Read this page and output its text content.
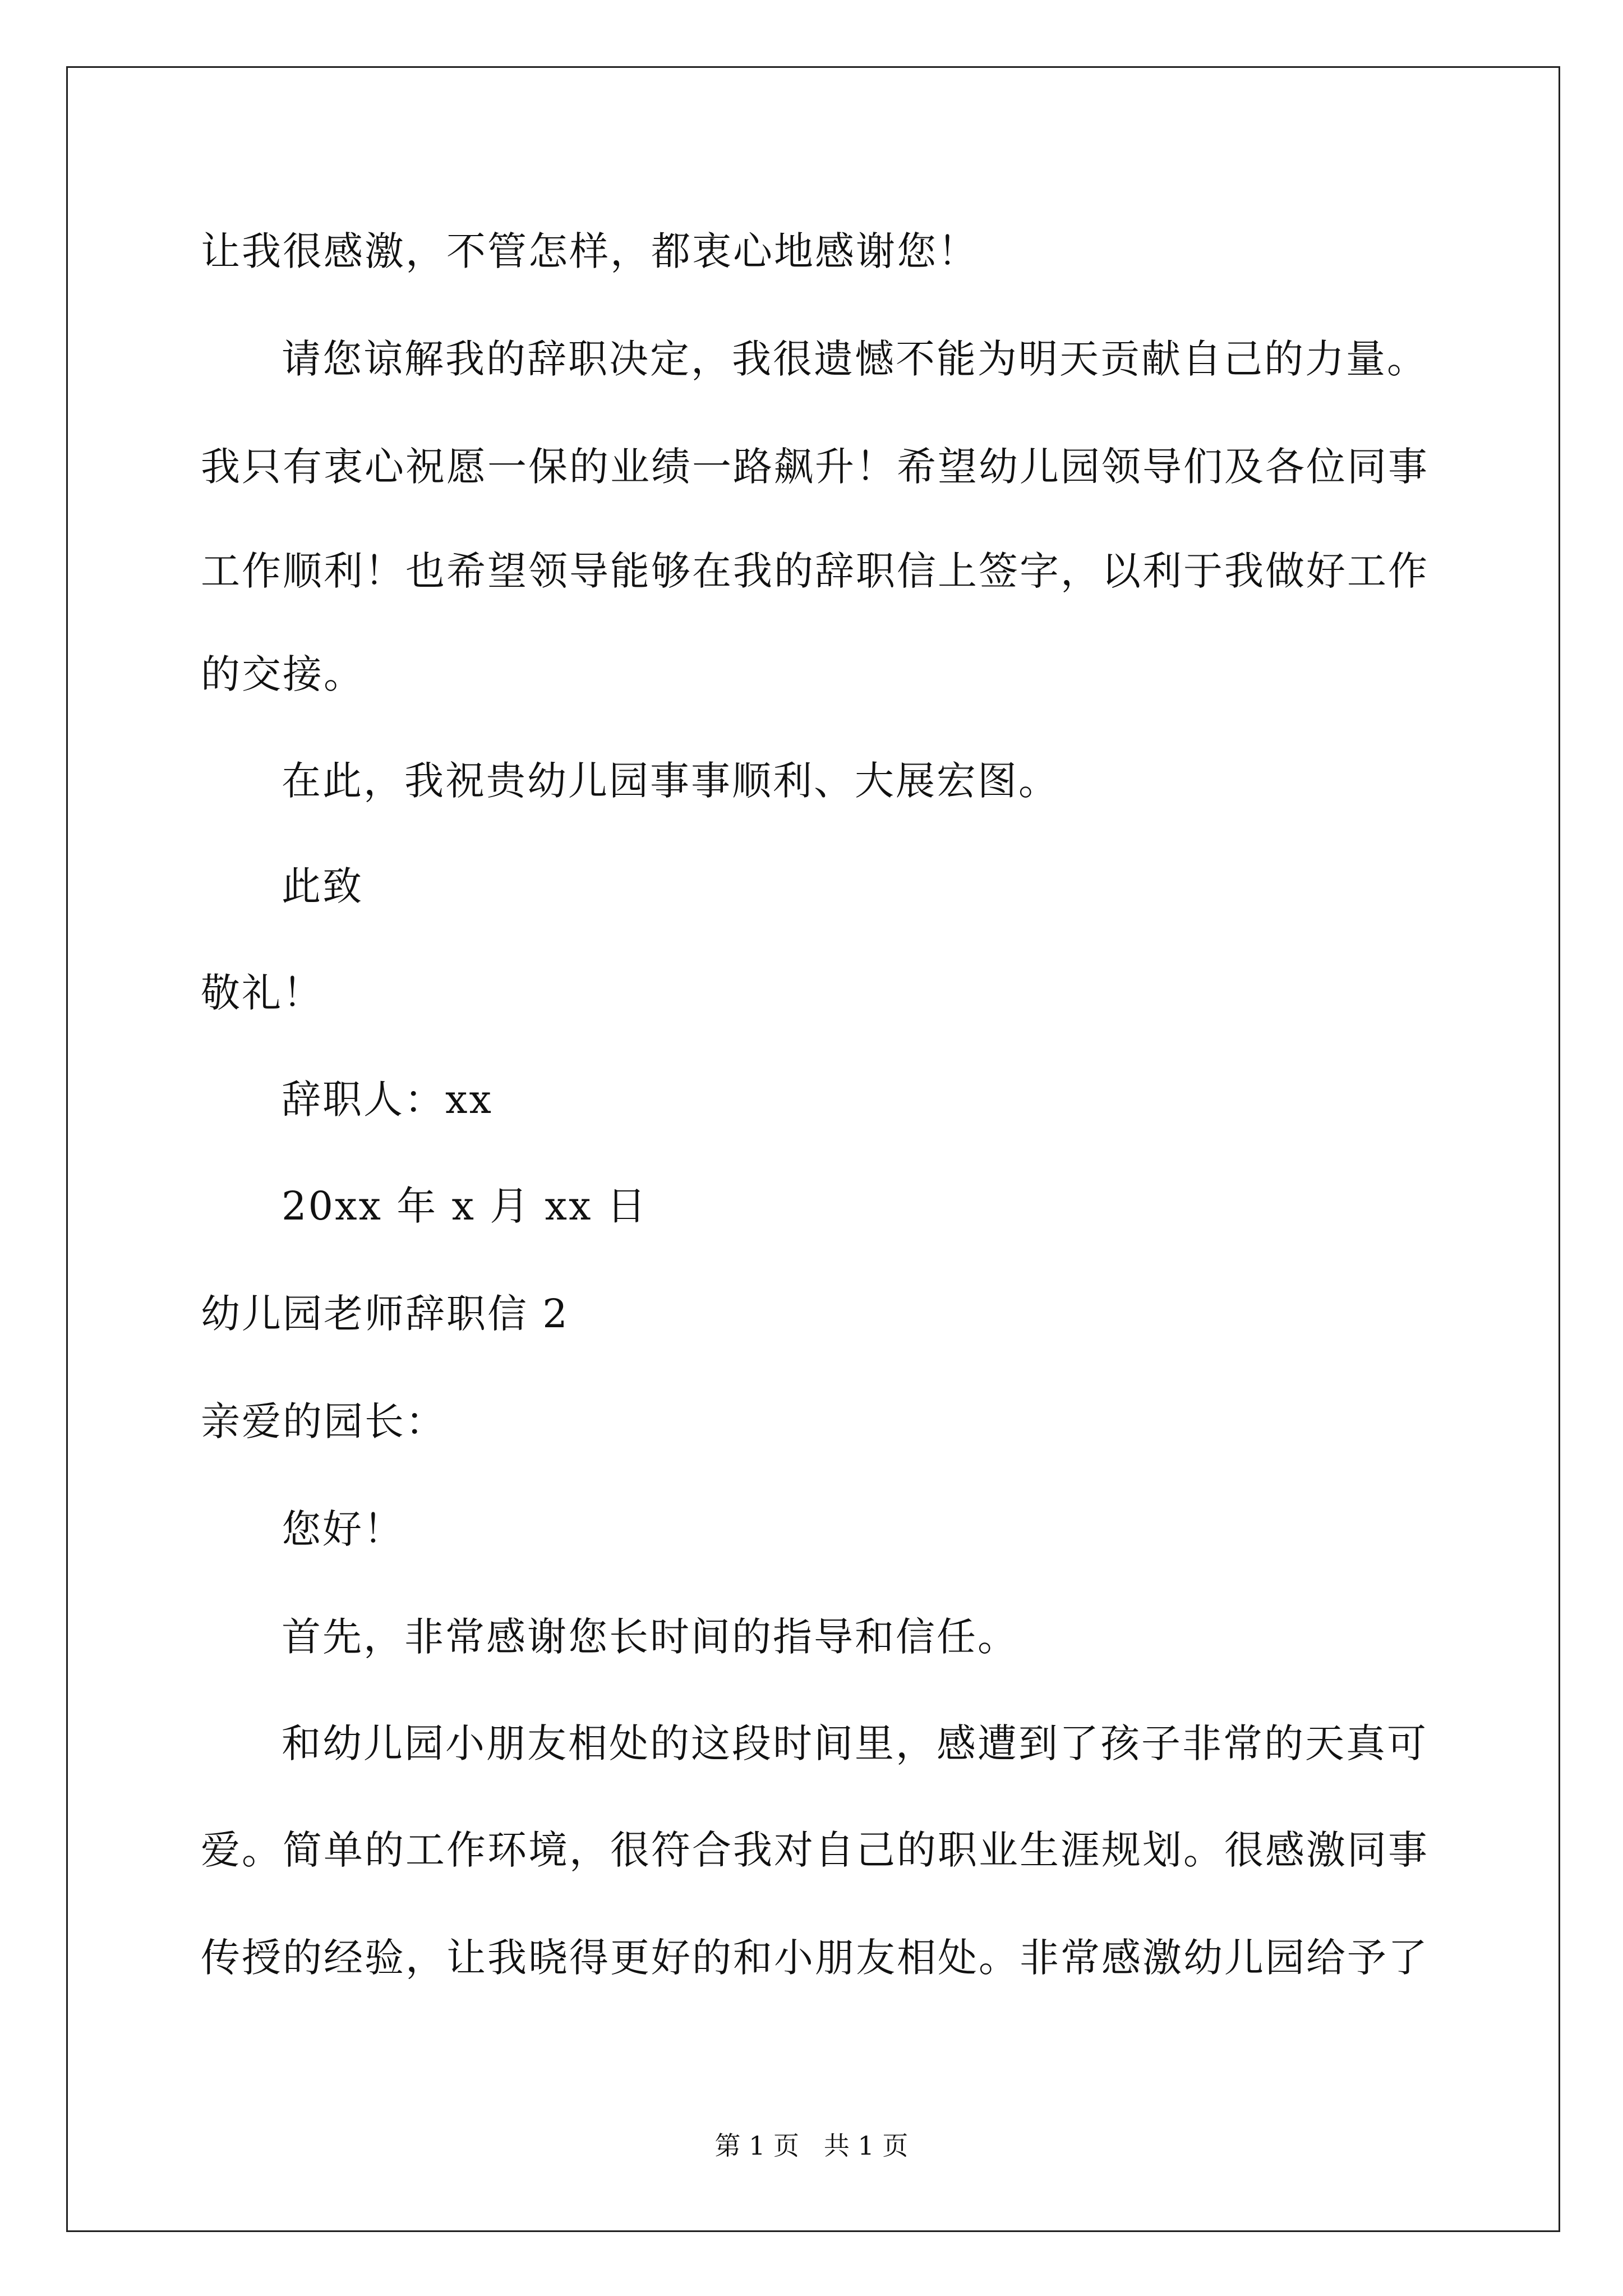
让我很感激，不管怎样，都衷心地感谢您！
请您谅解我的辞职决定，我很遗憾不能为明天贡献自己的力量。
我只有衷心祝愿一保的业绩一路飙升！希望幼儿园领导们及各位同事
工作顺利！也希望领导能够在我的辞职信上签字，以利于我做好工作
的交接。
在此，我祝贵幼儿园事事顺利、大展宏图。
此致
敬礼！
辞职人：xx
20xx 年 x 月 xx 日
幼儿园老师辞职信 2
亲爱的园长：
您好！
首先，非常感谢您长时间的指导和信任。
和幼儿园小朋友相处的这段时间里，感遭到了孩子非常的天真可
爱。简单的工作环境，很符合我对自己的职业生涯规划。很感激同事
传授的经验，让我晓得更好的和小朋友相处。非常感激幼儿园给予了
第 1 页   共 1 页
